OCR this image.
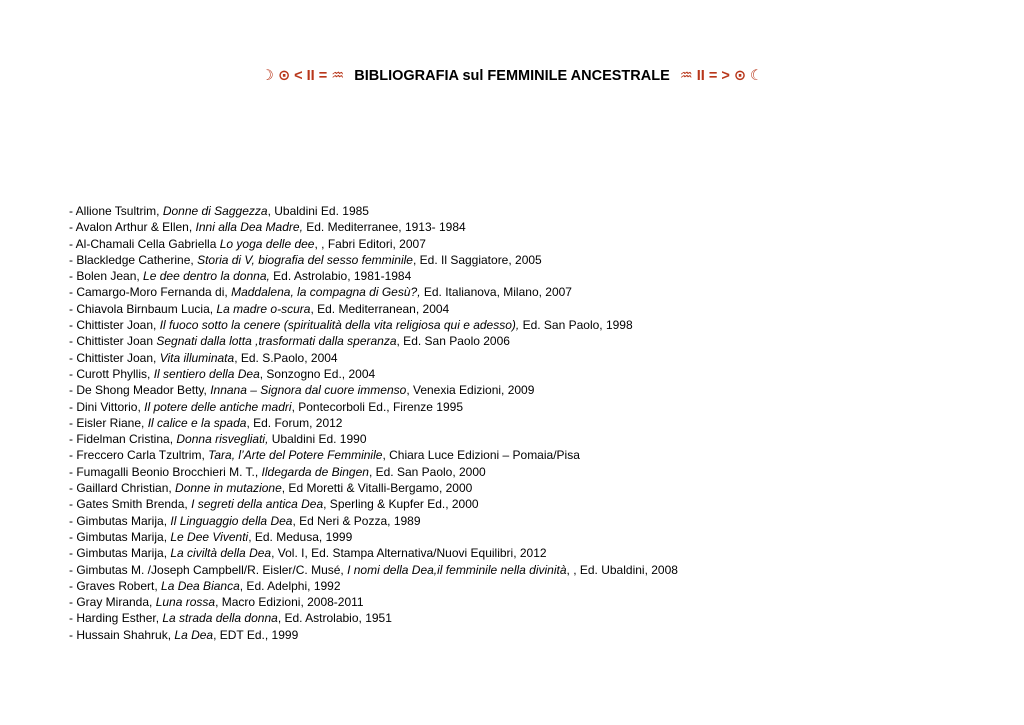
☽ ⊙ < II = ♒ BIBLIOGRAFIA sul FEMMINILE ANCESTRALE ♒ II = > ⊙ ☾
- Allione Tsultrim, Donne di Saggezza, Ubaldini Ed. 1985
- Avalon Arthur & Ellen, Inni alla Dea Madre, Ed. Mediterranee, 1913- 1984
- Al-Chamali Cella Gabriella Lo yoga delle dee, , Fabri Editori, 2007
- Blackledge Catherine, Storia di V, biografia del sesso femminile, Ed. Il Saggiatore, 2005
- Bolen Jean, Le dee dentro la donna, Ed. Astrolabio, 1981-1984
- Camargo-Moro Fernanda di, Maddalena, la compagna di Gesù?, Ed. Italianova, Milano, 2007
- Chiavola Birnbaum Lucia, La madre o-scura, Ed. Mediterranean, 2004
- Chittister Joan, Il fuoco sotto la cenere (spiritualità della vita religiosa qui e adesso), Ed. San Paolo, 1998
- Chittister Joan Segnati dalla lotta ,trasformati dalla speranza, Ed. San Paolo 2006
- Chittister Joan, Vita illuminata, Ed. S.Paolo, 2004
- Curott Phyllis, Il sentiero della Dea, Sonzogno Ed., 2004
- De Shong Meador Betty, Innana – Signora dal cuore immenso, Venexia Edizioni, 2009
- Dini Vittorio, Il potere delle antiche madri, Pontecorboli Ed., Firenze 1995
- Eisler Riane, Il calice e la spada, Ed. Forum, 2012
- Fidelman Cristina, Donna risvegliati, Ubaldini Ed. 1990
- Freccero Carla Tzultrim, Tara, l’Arte del Potere Femminile, Chiara Luce Edizioni – Pomaia/Pisa
- Fumagalli Beonio Brocchieri M. T., Ildegarda de Bingen, Ed. San Paolo, 2000
- Gaillard Christian, Donne in mutazione, Ed Moretti & Vitalli-Bergamo, 2000
- Gates Smith Brenda, I segreti della antica Dea, Sperling & Kupfer Ed., 2000
- Gimbutas Marija, Il Linguaggio della Dea, Ed Neri & Pozza, 1989
- Gimbutas Marija, Le Dee Viventi, Ed. Medusa, 1999
- Gimbutas Marija, La civiltà della Dea, Vol. I, Ed. Stampa Alternativa/Nuovi Equilibri, 2012
- Gimbutas M. /Joseph Campbell/R. Eisler/C. Musé, I nomi della Dea,il femminile nella divinità, , Ed. Ubaldini, 2008
- Graves Robert, La Dea Bianca, Ed. Adelphi, 1992
- Gray Miranda, Luna rossa, Macro Edizioni, 2008-2011
- Harding Esther, La strada della donna, Ed. Astrolabio, 1951
- Hussain Shahruk, La Dea, EDT Ed., 1999
